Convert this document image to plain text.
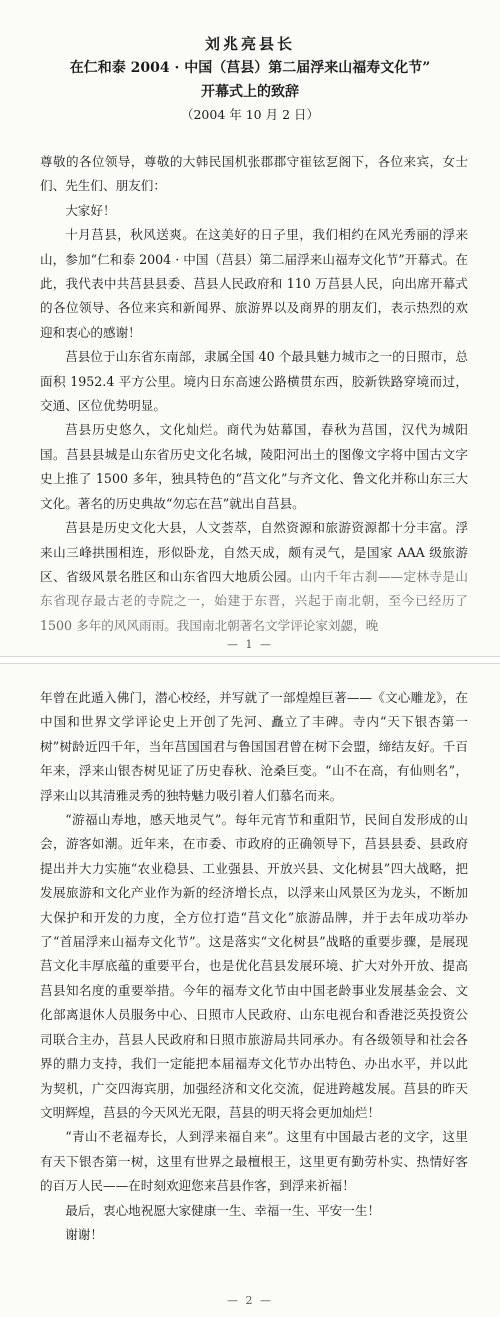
刘兆亮县长
在仁和泰 2004 · 中国（莒县）第二届浮来山福寿文化节”
开幕式上的致辞
（2004 年 10 月 2 日）

尊敬的各位领导，尊敬的大韩民国机张郡郡守崔铉乭阁下，各位来宾，女士们、先生们、朋友们：

大家好！

十月莒县，秋风送爽。在这美好的日子里，我们相约在风光秀丽的浮来山，参加“仁和泰 2004 · 中国（莒县）第二届浮来山福寿文化节”开幕式。在此，我代表中共莒县县委、莒县人民政府和 110 万莒县人民，向出席开幕式的各位领导、各位来宾和新闻界、旅游界以及商界的朋友们，表示热烈的欢迎和衷心的感谢！

莒县位于山东省东南部，隶属全国 40 个最具魅力城市之一的日照市，总面积 1952.4 平方公里。境内日东高速公路横贯东西，胶新铁路穿境而过，交通、区位优势明显。

莒县历史悠久，文化灿烂。商代为姑幕国，春秋为莒国，汉代为城阳国。莒县县城是山东省历史文化名城，陵阳河出土的图像文字将中国古文字史上推了 1500 多年，独具特色的“莒文化”与齐文化、鲁文化并称山东三大文化。著名的历史典故“勿忘在莒”就出自莒县。

莒县是历史文化大县，人文荟萃，自然资源和旅游资源都十分丰富。浮来山三峰拱围相连，形似卧龙，自然天成，颇有灵气，是国家 AAA 级旅游区、省级风景名胜区和山东省四大地质公园。山内千年古刹——定林寺是山东省现存最古老的寺院之一，始建于东晋，兴起于南北朝，至今已经历了 1500 多年的风风雨雨。我国南北朝著名文学评论家刘勰，晚

— 1 —

年曾在此遁入佛门，潜心校经，并写就了一部煌煌巨著——《文心雕龙》，在中国和世界文学评论史上开创了先河、矗立了丰碑。寺内“天下银杏第一树”树龄近四千年，当年莒国国君与鲁国国君曾在树下会盟，缔结友好。千百年来，浮来山银杏树见证了历史春秋、沧桑巨变。“山不在高，有仙则名”，浮来山以其清雅灵秀的独特魅力吸引着人们慕名而来。

“游福山寿地，感天地灵气”。每年元宵节和重阳节，民间自发形成的山会，游客如潮。近年来，在市委、市政府的正确领导下，莒县县委、县政府提出并大力实施“农业稳县、工业强县、开放兴县、文化树县”四大战略，把发展旅游和文化产业作为新的经济增长点，以浮来山风景区为龙头，不断加大保护和开发的力度，全方位打造“莒文化”旅游品牌，并于去年成功举办了“首届浮来山福寿文化节”。这是落实“文化树县”战略的重要步骤，是展现莒文化丰厚底蕴的重要平台，也是优化莒县发展环境、扩大对外开放、提高莒县知名度的重要举措。今年的福寿文化节由中国老龄事业发展基金会、文化部离退休人员服务中心、日照市人民政府、山东电视台和香港泛英投资公司联合主办，莒县人民政府和日照市旅游局共同承办。有各级领导和社会各界的鼎力支持，我们一定能把本届福寿文化节办出特色、办出水平，并以此为契机，广交四海宾朋，加强经济和文化交流，促进跨越发展。莒县的昨天文明辉煌，莒县的今天风光无限，莒县的明天将会更加灿烂！

“青山不老福寿长，人到浮来福自来”。这里有中国最古老的文字，这里有天下银杏第一树，这里有世界之最檀根王，这里更有勤劳朴实、热情好客的百万人民——在时刻欢迎您来莒县作客，到浮来祈福！

最后，衷心地祝愿大家健康一生、幸福一生、平安一生！

谢谢！

— 2 —
